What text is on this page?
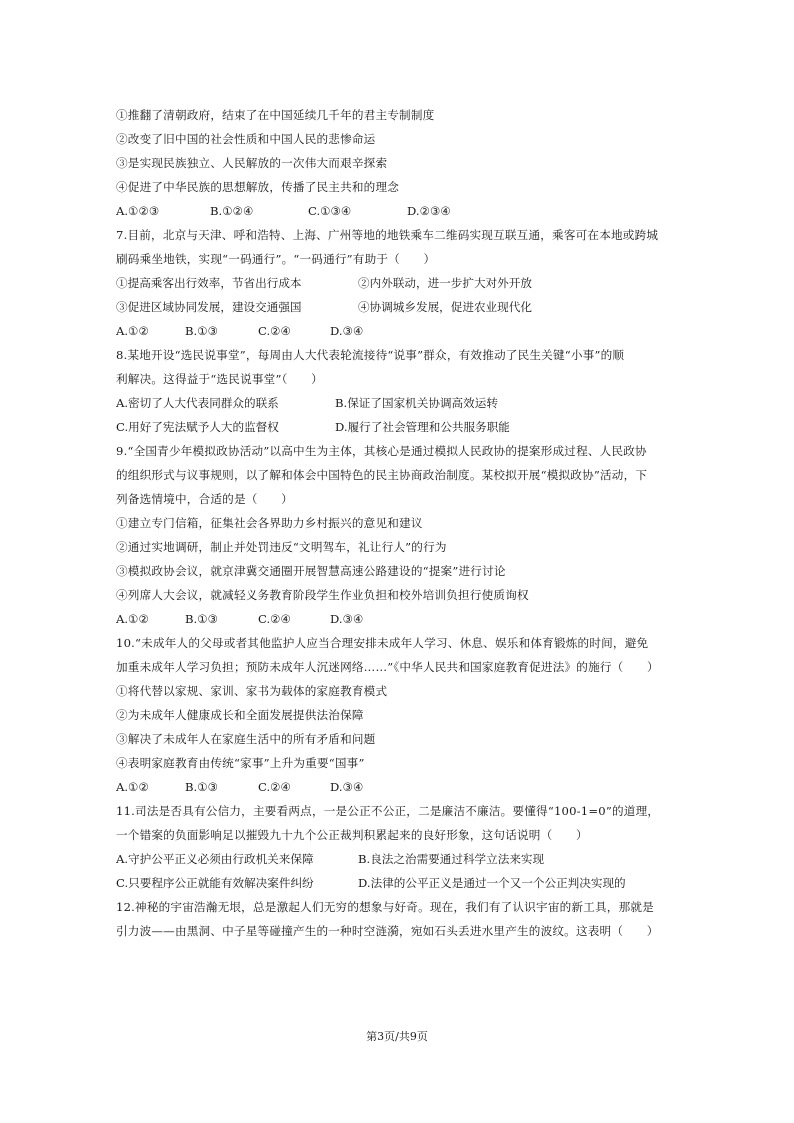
①推翻了清朝政府，结束了在中国延续几千年的君主专制制度
②改变了旧中国的社会性质和中国人民的悲惨命运
③是实现民族独立、人民解放的一次伟大而艰辛探索
④促进了中华民族的思想解放，传播了民主共和的理念
A.①②③	B.①②④	C.①③④	D.②③④
7.目前，北京与天津、呼和浩特、上海、广州等地的地铁乘车二维码实现互联互通，乘客可在本地或跨城
刷码乘坐地铁，实现“一码通行”。“一码通行”有助于（　　）
①提高乘客出行效率，节省出行成本	②内外联动，进一步扩大对外开放
③促进区域协同发展，建设交通强国	④协调城乡发展，促进农业现代化
A.①②	B.①③	C.②④	D.③④
8.某地开设“选民说事堂”，每周由人大代表轮流接待“说事”群众，有效推动了民生关键“小事”的顺
利解决。这得益于“选民说事堂”（　　）
A.密切了人大代表同群众的联系	B.保证了国家机关协调高效运转
C.用好了宪法赋予人大的监督权	D.履行了社会管理和公共服务职能
9.“全国青少年模拟政协活动”以高中生为主体，其核心是通过模拟人民政协的提案形成过程、人民政协
的组织形式与议事规则，以了解和体会中国特色的民主协商政治制度。某校拟开展“模拟政协”活动，下
列备选情境中，合适的是（　　）
①建立专门信箱，征集社会各界助力乡村振兴的意见和建议
②通过实地调研，制止并处罚违反“文明驾车，礼让行人”的行为
③模拟政协会议，就京津冀交通圈开展智慧高速公路建设的“提案”进行讨论
④列席人大会议，就减轻义务教育阶段学生作业负担和校外培训负担行使质询权
A.①②	B.①③	C.②④	D.③④
10.“未成年人的父母或者其他监护人应当合理安排未成年人学习、休息、娱乐和体育锻炼的时间，避免
加重未成年人学习负担；预防未成年人沉迷网络……”《中华人民共和国家庭教育促进法》的施行（　　）
①将代替以家规、家训、家书为载体的家庭教育模式
②为未成年人健康成长和全面发展提供法治保障
③解决了未成年人在家庭生活中的所有矛盾和问题
④表明家庭教育由传统“家事”上升为重要“国事”
A.①②	B.①③	C.②④	D.③④
11.司法是否具有公信力，主要看两点，一是公正不公正，二是廉洁不廉洁。要懂得“100-1=0”的道理，
一个错案的负面影响足以摧毁九十九个公正裁判积累起来的良好形象，这句话说明（　　）
A.守护公平正义必须由行政机关来保障	B.良法之治需要通过科学立法来实现
C.只要程序公正就能有效解决案件纠纷	D.法律的公平正义是通过一个又一个公正判决实现的
12.神秘的宇宙浩瀚无垠，总是激起人们无穷的想象与好奇。现在，我们有了认识宇宙的新工具，那就是
引力波——由黑洞、中子星等碰撞产生的一种时空涟漪，宛如石头丢进水里产生的波纹。这表明（　　）
第3页/共9页
